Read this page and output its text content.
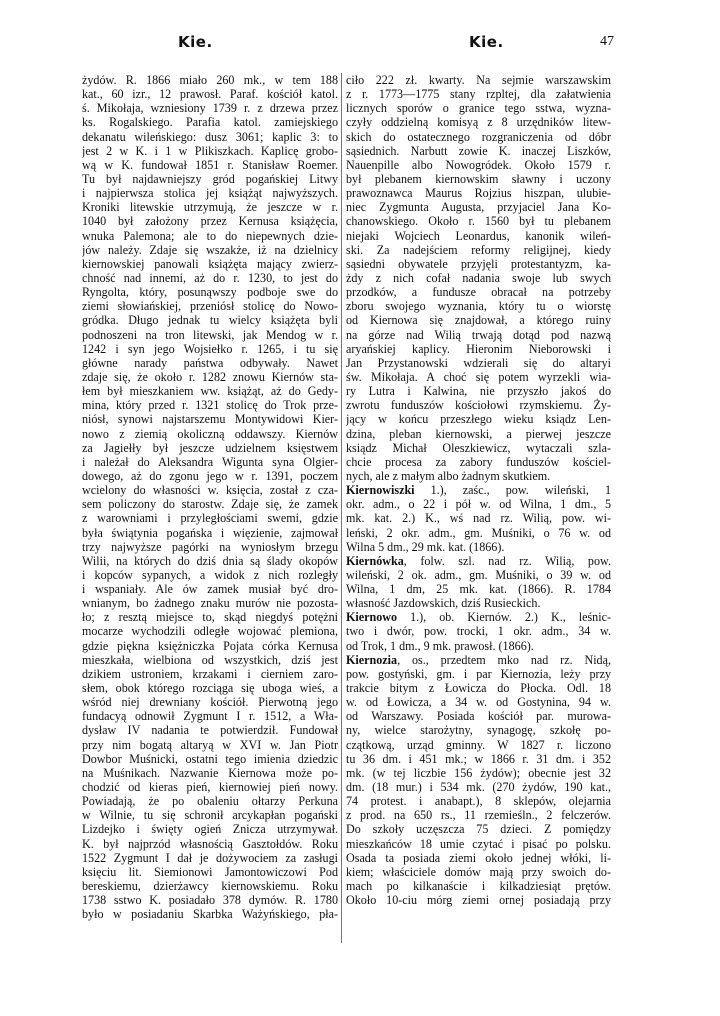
Kie.	Kie.	47
żydów. R. 1866 miało 260 mk., w tem 188
kat., 60 izr., 12 prawosł. Paraf. kościół katol.
ś. Mikołaja, wzniesiony 1739 r. z drzewa przez
ks. Rogalskiego. Parafia katol. zamiejskiego
dekanatu wileńskiego: dusz 3061; kaplic 3: to
jest 2 w K. i 1 w Plikiszkach. Kaplicę grobo-
wą w K. fundował 1851 r. Stanisław Roemer.
Tu był najdawniejszy gród pogańskiej Litwy
i najpierwsza stolica jej książąt najwyższych.
Kroniki litewskie utrzymują, że jeszcze w r.
1040 był założony przez Kernusa książęcia,
wnuka Palemona; ale to do niepewnych dzie-
jów należy. Zdaje się wszakże, iż na dzielnicy
kiernowskiej panowali książęta mający zwierz-
chność nad innemi, aż do r. 1230, to jest do
Ryngolta, który, posunąwszy podboje swe do
ziemi słowiańskiej, przeniósł stolicę do Nowo-
gródka. Długo jednak tu wielcy książęta byli
podnoszeni na tron litewski, jak Mendog w r.
1242 i syn jego Wojsiełko r. 1265, i tu się
główne narady państwa odbywały. Nawet
zdaje się, że około r. 1282 znowu Kiernów sta-
łem był mieszkaniem ww. książąt, aż do Gedy-
mina, który przed r. 1321 stolicę do Trok prze-
niósł, synowi najstarszemu Montywidowi Kier-
nowo z ziemią okoliczną oddawszy. Kiernów
za Jagiełły był jeszcze udzielnem księstwem
i należał do Aleksandra Wigunta syna Olgier-
dowego, aż do zgonu jego w r. 1391, poczem
wcielony do własności w. księcia, został z cza-
sem policzony do starostw. Zdaje się, że zamek
z warowniami i przyległościami swemi, gdzie
była świątynia pogańska i więzienie, zajmował
trzy najwyższe pagórki na wyniosłym brzegu
Wilii, na których do dziś dnia są ślady okopów
i kopców sypanych, a widok z nich rozległy
i wspaniały. Ale ów zamek musiał być dro-
wnianym, bo żadnego znaku murów nie pozosta-
ło; z resztą miejsce to, skąd niegdyś potężni
mocarze wychodzili odległe wojować plemiona,
gdzie piękna księżniczka Pojata córka Kernusa
mieszkała, wielbiona od wszystkich, dziś jest
dzikiem ustroniem, krzakami i cierniem zaro-
słem, obok którego rozciąga się uboga wieś, a
wśród niej drewniany kościół. Pierwotną jego
fundacyą odnowił Zygmunt I r. 1512, a Wła-
dysław IV nadania te potwierdził. Fundował
przy nim bogatą altaryą w XVI w. Jan Piotr
Dowbor Muśnicki, ostatni tego imienia dziedzic
na Muśnikach. Nazwanie Kiernowa może po-
chodzić od kieras pień, kiernowiej pień nowy.
Powiadają, że po obaleniu ołtarzy Perkuna
w Wilnie, tu się schronił arcykapłan pogański
Lizdejko i święty ogień Znicza utrzymywał.
K. był najprzód własnością Gasztołdów. Roku
1522 Zygmunt I dał je dożywociem za zasługi
księciu lit. Siemionowi Jamontowiczowi Pod
bereskiemu, dzierżawcy kiernowskiemu. Roku
1738 sstwo K. posiadało 378 dymów. R. 1780
było w posiadaniu Skarbka Ważyńskiego, pła-
ciło 222 zł. kwarty. Na sejmie warszawskim
z r. 1773—1775 stany rzpltej, dla załatwienia
licznych sporów o granice tego sstwa, wyzna-
czyły oddzielną komisyą z 8 urzędników litew-
skich do ostatecznego rozgraniczenia od dóbr
sąsiednich. Narbutt zowie K. inaczej Liszków,
Nauenpille albo Nowogródek. Około 1579 r.
był plebanem kiernowskim sławny i uczony
prawoznawca Maurus Rojzius hiszpan, ulubie-
niec Zygmunta Augusta, przyjaciel Jana Ko-
chanowskiego. Około r. 1560 był tu plebanem
niejaki Wojciech Leonardus, kanonik wileń-
ski. Za nadejściem reformy religijnej, kiedy
sąsiedni obywatele przyjęli protestantyzm, ka-
żdy z nich cofał nadania swoje lub swych
przodków, a fundusze obracał na potrzeby
zboru swojego wyznania, który tu o wiorstę
od Kiernowa się znajdował, a którego ruiny
na górze nad Wilią trwają dotąd pod nazwą
aryańskiej kaplicy. Hieronim Nieborowski i
Jan Przystanowski wdzierali się do altaryi
św. Mikołaja. A choć się potem wyrzekli wia-
ry Lutra i Kalwina, nie przyszło jakoś do
zwrotu funduszów kościołowi rzymskiemu. Ży-
jący w końcu przeszłego wieku ksiądz Len-
dzina, pleban kiernowski, a pierwej jeszcze
ksiądz Michał Oleszkiewicz, wytaczali szla-
chcie procesa za zabory funduszów kościel-
nych, ale z małym albo żadnym skutkiem.
Kiernowiszki 1.), zaśc., pow. wileński, 1
okr. adm., o 22 i pół w. od Wilna, 1 dm., 5
mk. kat. 2.) K., wś nad rz. Wilią, pow. wi-
leński, 2 okr. adm., gm. Muśniki, o 76 w. od
Wilna 5 dm., 29 mk. kat. (1866).
Kiernówka, folw. szl. nad rz. Wilią, pow.
wileński, 2 ok. adm., gm. Muśniki, o 39 w. od
Wilna, 1 dm, 25 mk. kat. (1866). R. 1784
własność Jazdowskich, dziś Rusieckich.
Kiernowo 1.), ob. Kiernów. 2.) K., leśnic-
two i dwór, pow. trocki, 1 okr. adm., 34 w.
od Trok, 1 dm., 9 mk. prawosł. (1866).
Kiernozia, os., przedtem mko nad rz. Nidą,
pow. gostyński, gm. i par Kiernozia, leży przy
trakcie bitym z Łowicza do Płocka. Odl. 18
w. od Łowicza, a 34 w. od Gostynina, 94 w.
od Warszawy. Posiada kościół par. murowa-
ny, wielce starożytny, synagogę, szkołę po-
czątkową, urząd gminny. W 1827 r. liczono
tu 36 dm. i 451 mk.; w 1866 r. 31 dm. i 352
mk. (w tej liczbie 156 żydów); obecnie jest 32
dm. (18 mur.) i 534 mk. (270 żydów, 190 kat.,
74 protest. i anabapt.), 8 sklepów, olejarnia
z prod. na 650 rs., 11 rzemieśln., 2 felczerów.
Do szkoły uczęszcza 75 dzieci. Z pomiędzy
mieszkańców 18 umie czytać i pisać po polsku.
Osada ta posiada ziemi około jednej włóki, li-
kiem; właściciele domów mają przy swoich do-
mach po kilkanaście i kilkadziesiąt prętów.
Około 10-ciu mórg ziemi ornej posiadają przy
